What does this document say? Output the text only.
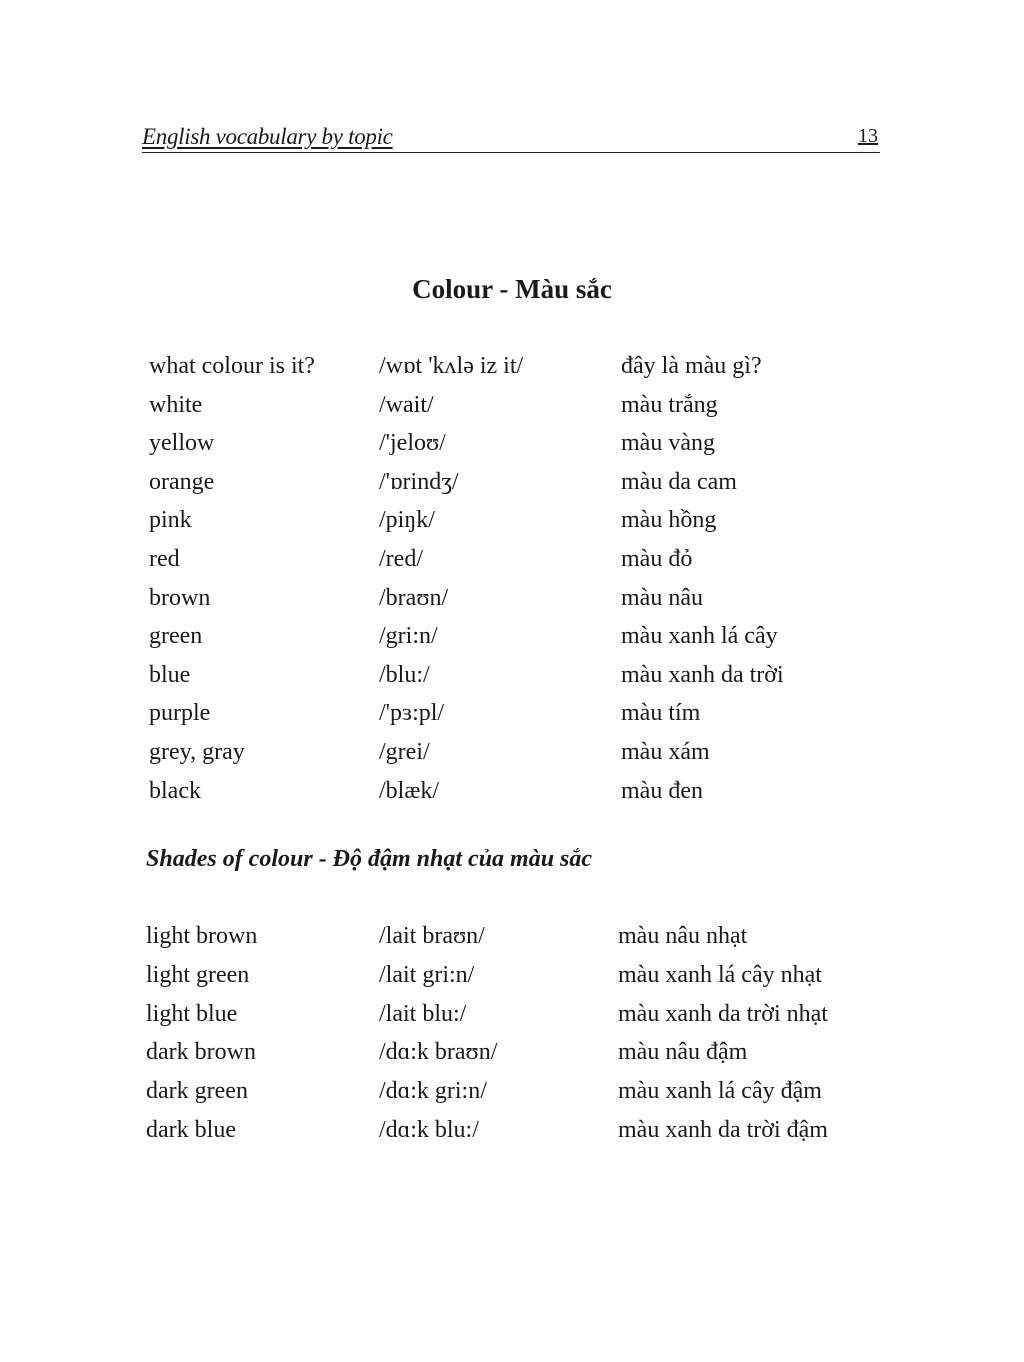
English vocabulary by topic	13
Colour - Màu sắc
what colour is it?	/wɒt 'kʌlə iz it/	đây là màu gì?
white	/wait/	màu trắng
yellow	/'jeloʊ/	màu vàng
orange	/'ɒrindʒ/	màu da cam
pink	/piŋk/	màu hồng
red	/red/	màu đỏ
brown	/braʊn/	màu nâu
green	/gri:n/	màu xanh lá cây
blue	/blu:/	màu xanh da trời
purple	/'pɜ:pl/	màu tím
grey, gray	/grei/	màu xám
black	/blæk/	màu đen
Shades of colour - Độ đậm nhạt của màu sắc
light brown	/lait braʊn/	màu nâu nhạt
light green	/lait gri:n/	màu xanh lá cây nhạt
light blue	/lait blu:/	màu xanh da trời nhạt
dark brown	/dɑ:k braʊn/	màu nâu đậm
dark green	/dɑ:k gri:n/	màu xanh lá cây đậm
dark blue	/dɑ:k blu:/	màu xanh da trời đậm
